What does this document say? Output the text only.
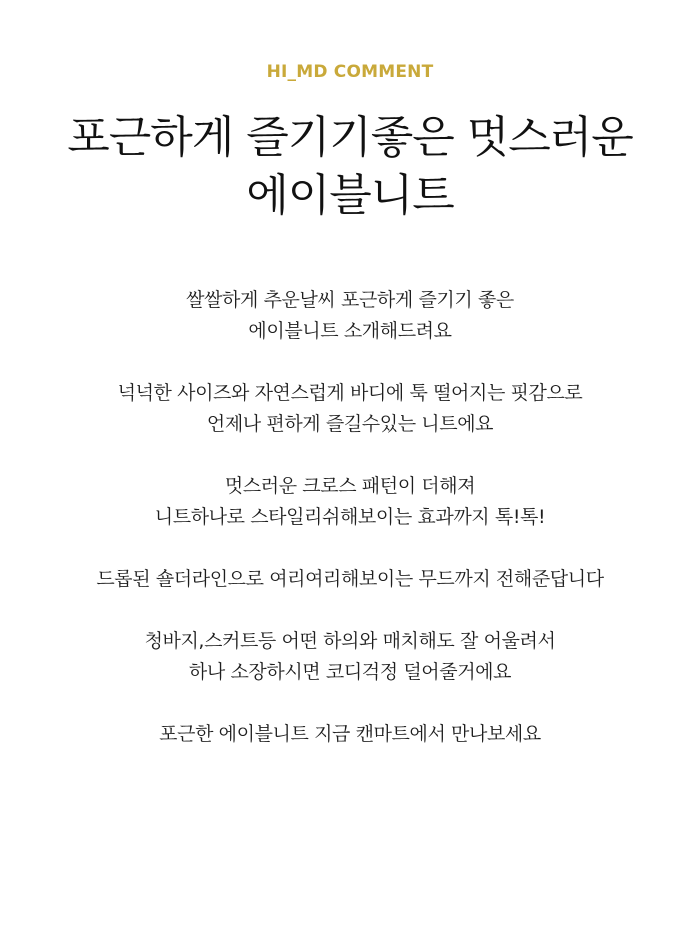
HI_MD COMMENT
포근하게 즐기기좋은 멋스러운
에이블니트

쌀쌀하게 추운날씨 포근하게 즐기기 좋은
에이블니트 소개해드려요

넉넉한 사이즈와 자연스럽게 바디에 툭 떨어지는 핏감으로
언제나 편하게 즐길수있는 니트에요

멋스러운 크로스 패턴이 더해져
니트하나로 스타일리쉬해보이는 효과까지 톡!톡!

드롭된 숄더라인으로 여리여리해보이는 무드까지 전해준답니다

청바지,스커트등 어떤 하의와 매치해도 잘 어울려서
하나 소장하시면 코디걱정 덜어줄거에요

포근한 에이블니트 지금 캔마트에서 만나보세요
